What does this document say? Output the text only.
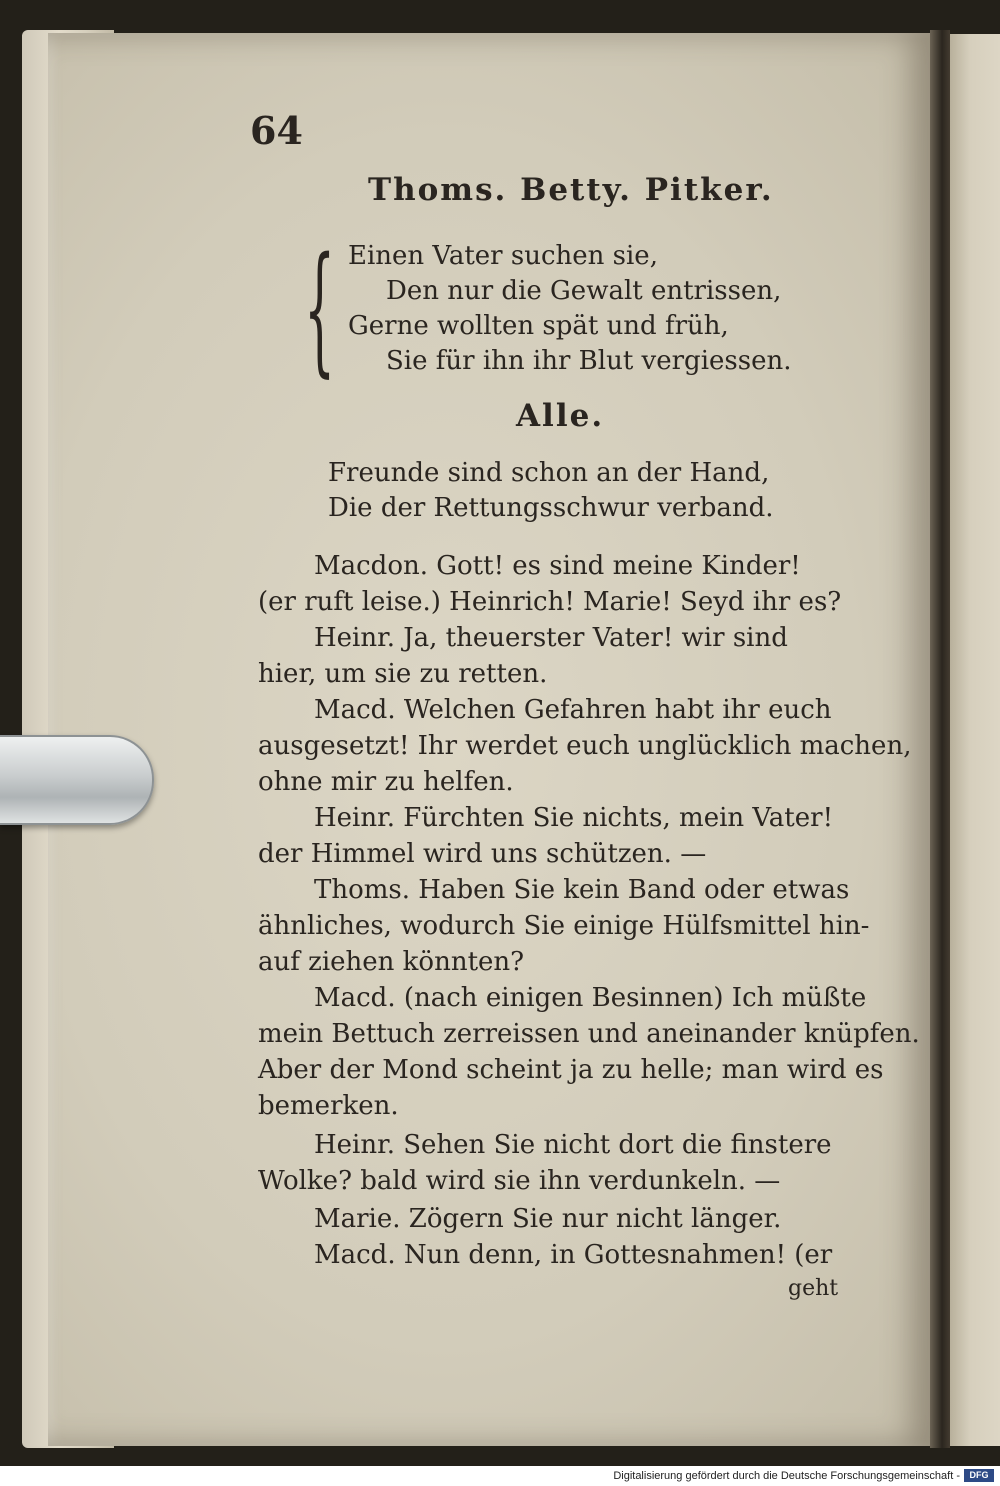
64
Thoms. Betty. Pitker.
{ Einen Vater suchen sie,
Den nur die Gewalt entrissen,
Gerne wollten spät und früh,
Sie für ihn ihr Blut vergiessen.
Alle.
Freunde sind schon an der Hand,
Die der Rettungsschwur verband.
Macdon. Gott! es sind meine Kinder!
(er ruft leise.) Heinrich! Marie! Seyd ihr es?
Heinr. Ja, theuerster Vater! wir sind
hier, um sie zu retten.
Macd. Welchen Gefahren habt ihr euch
ausgesetzt! Ihr werdet euch unglücklich machen,
ohne mir zu helfen.
Heinr. Fürchten Sie nichts, mein Vater!
der Himmel wird uns schützen. —
Thoms. Haben Sie kein Band oder etwas
ähnliches, wodurch Sie einige Hülfsmittel hin-
auf ziehen könnten?
Macd. (nach einigen Besinnen) Ich müßte
mein Bettuch zerreissen und aneinander knüpfen.
Aber der Mond scheint ja zu helle; man wird es
bemerken.
Heinr. Sehen Sie nicht dort die finstere
Wolke? bald wird sie ihn verdunkeln. —
Marie. Zögern Sie nur nicht länger.
Macd. Nun denn, in Gottesnahmen! (er
geht
Digitalisierung gefördert durch die Deutsche Forschungsgemeinschaft -	DFG
